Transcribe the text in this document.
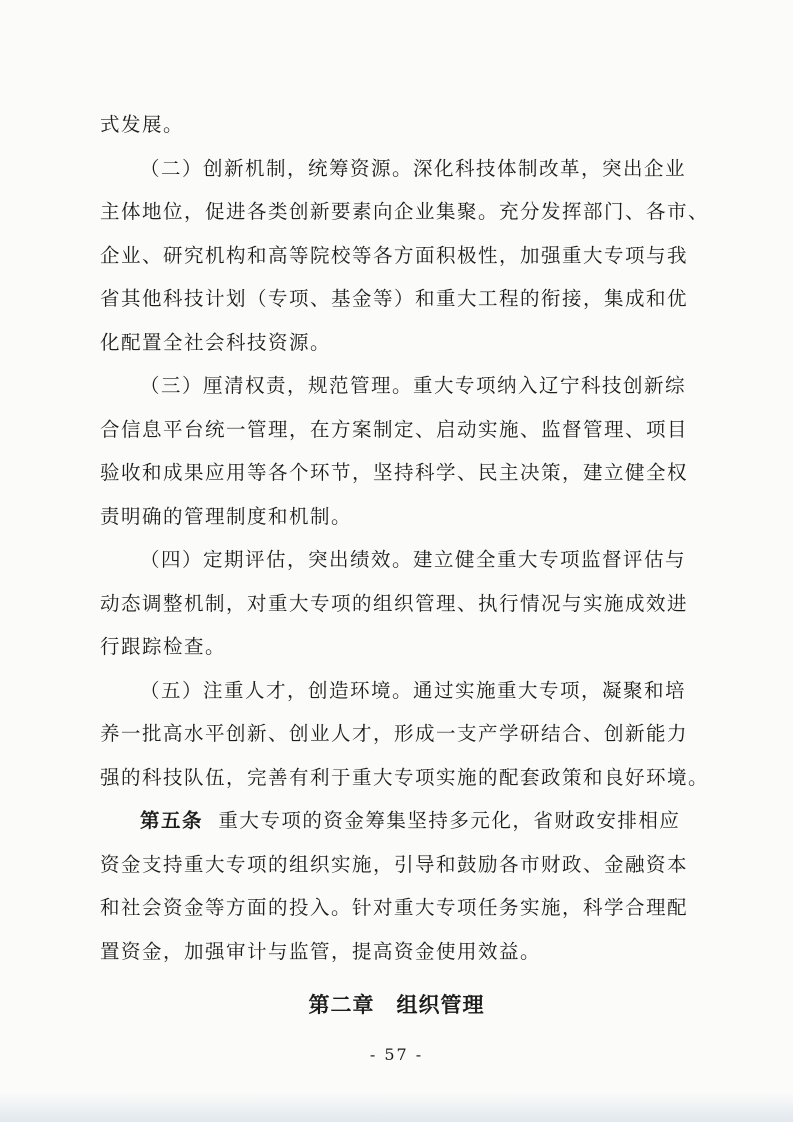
式发展。
（二）创新机制，统筹资源。深化科技体制改革，突出企业
主体地位，促进各类创新要素向企业集聚。充分发挥部门、各市、
企业、研究机构和高等院校等各方面积极性，加强重大专项与我
省其他科技计划（专项、基金等）和重大工程的衔接，集成和优
化配置全社会科技资源。
（三）厘清权责，规范管理。重大专项纳入辽宁科技创新综
合信息平台统一管理，在方案制定、启动实施、监督管理、项目
验收和成果应用等各个环节，坚持科学、民主决策，建立健全权
责明确的管理制度和机制。
（四）定期评估，突出绩效。建立健全重大专项监督评估与
动态调整机制，对重大专项的组织管理、执行情况与实施成效进
行跟踪检查。
（五）注重人才，创造环境。通过实施重大专项，凝聚和培
养一批高水平创新、创业人才，形成一支产学研结合、创新能力
强的科技队伍，完善有利于重大专项实施的配套政策和良好环境。
第五条 重大专项的资金筹集坚持多元化，省财政安排相应
资金支持重大专项的组织实施，引导和鼓励各市财政、金融资本
和社会资金等方面的投入。针对重大专项任务实施，科学合理配
置资金，加强审计与监管，提高资金使用效益。
第二章 组织管理
- 57 -
